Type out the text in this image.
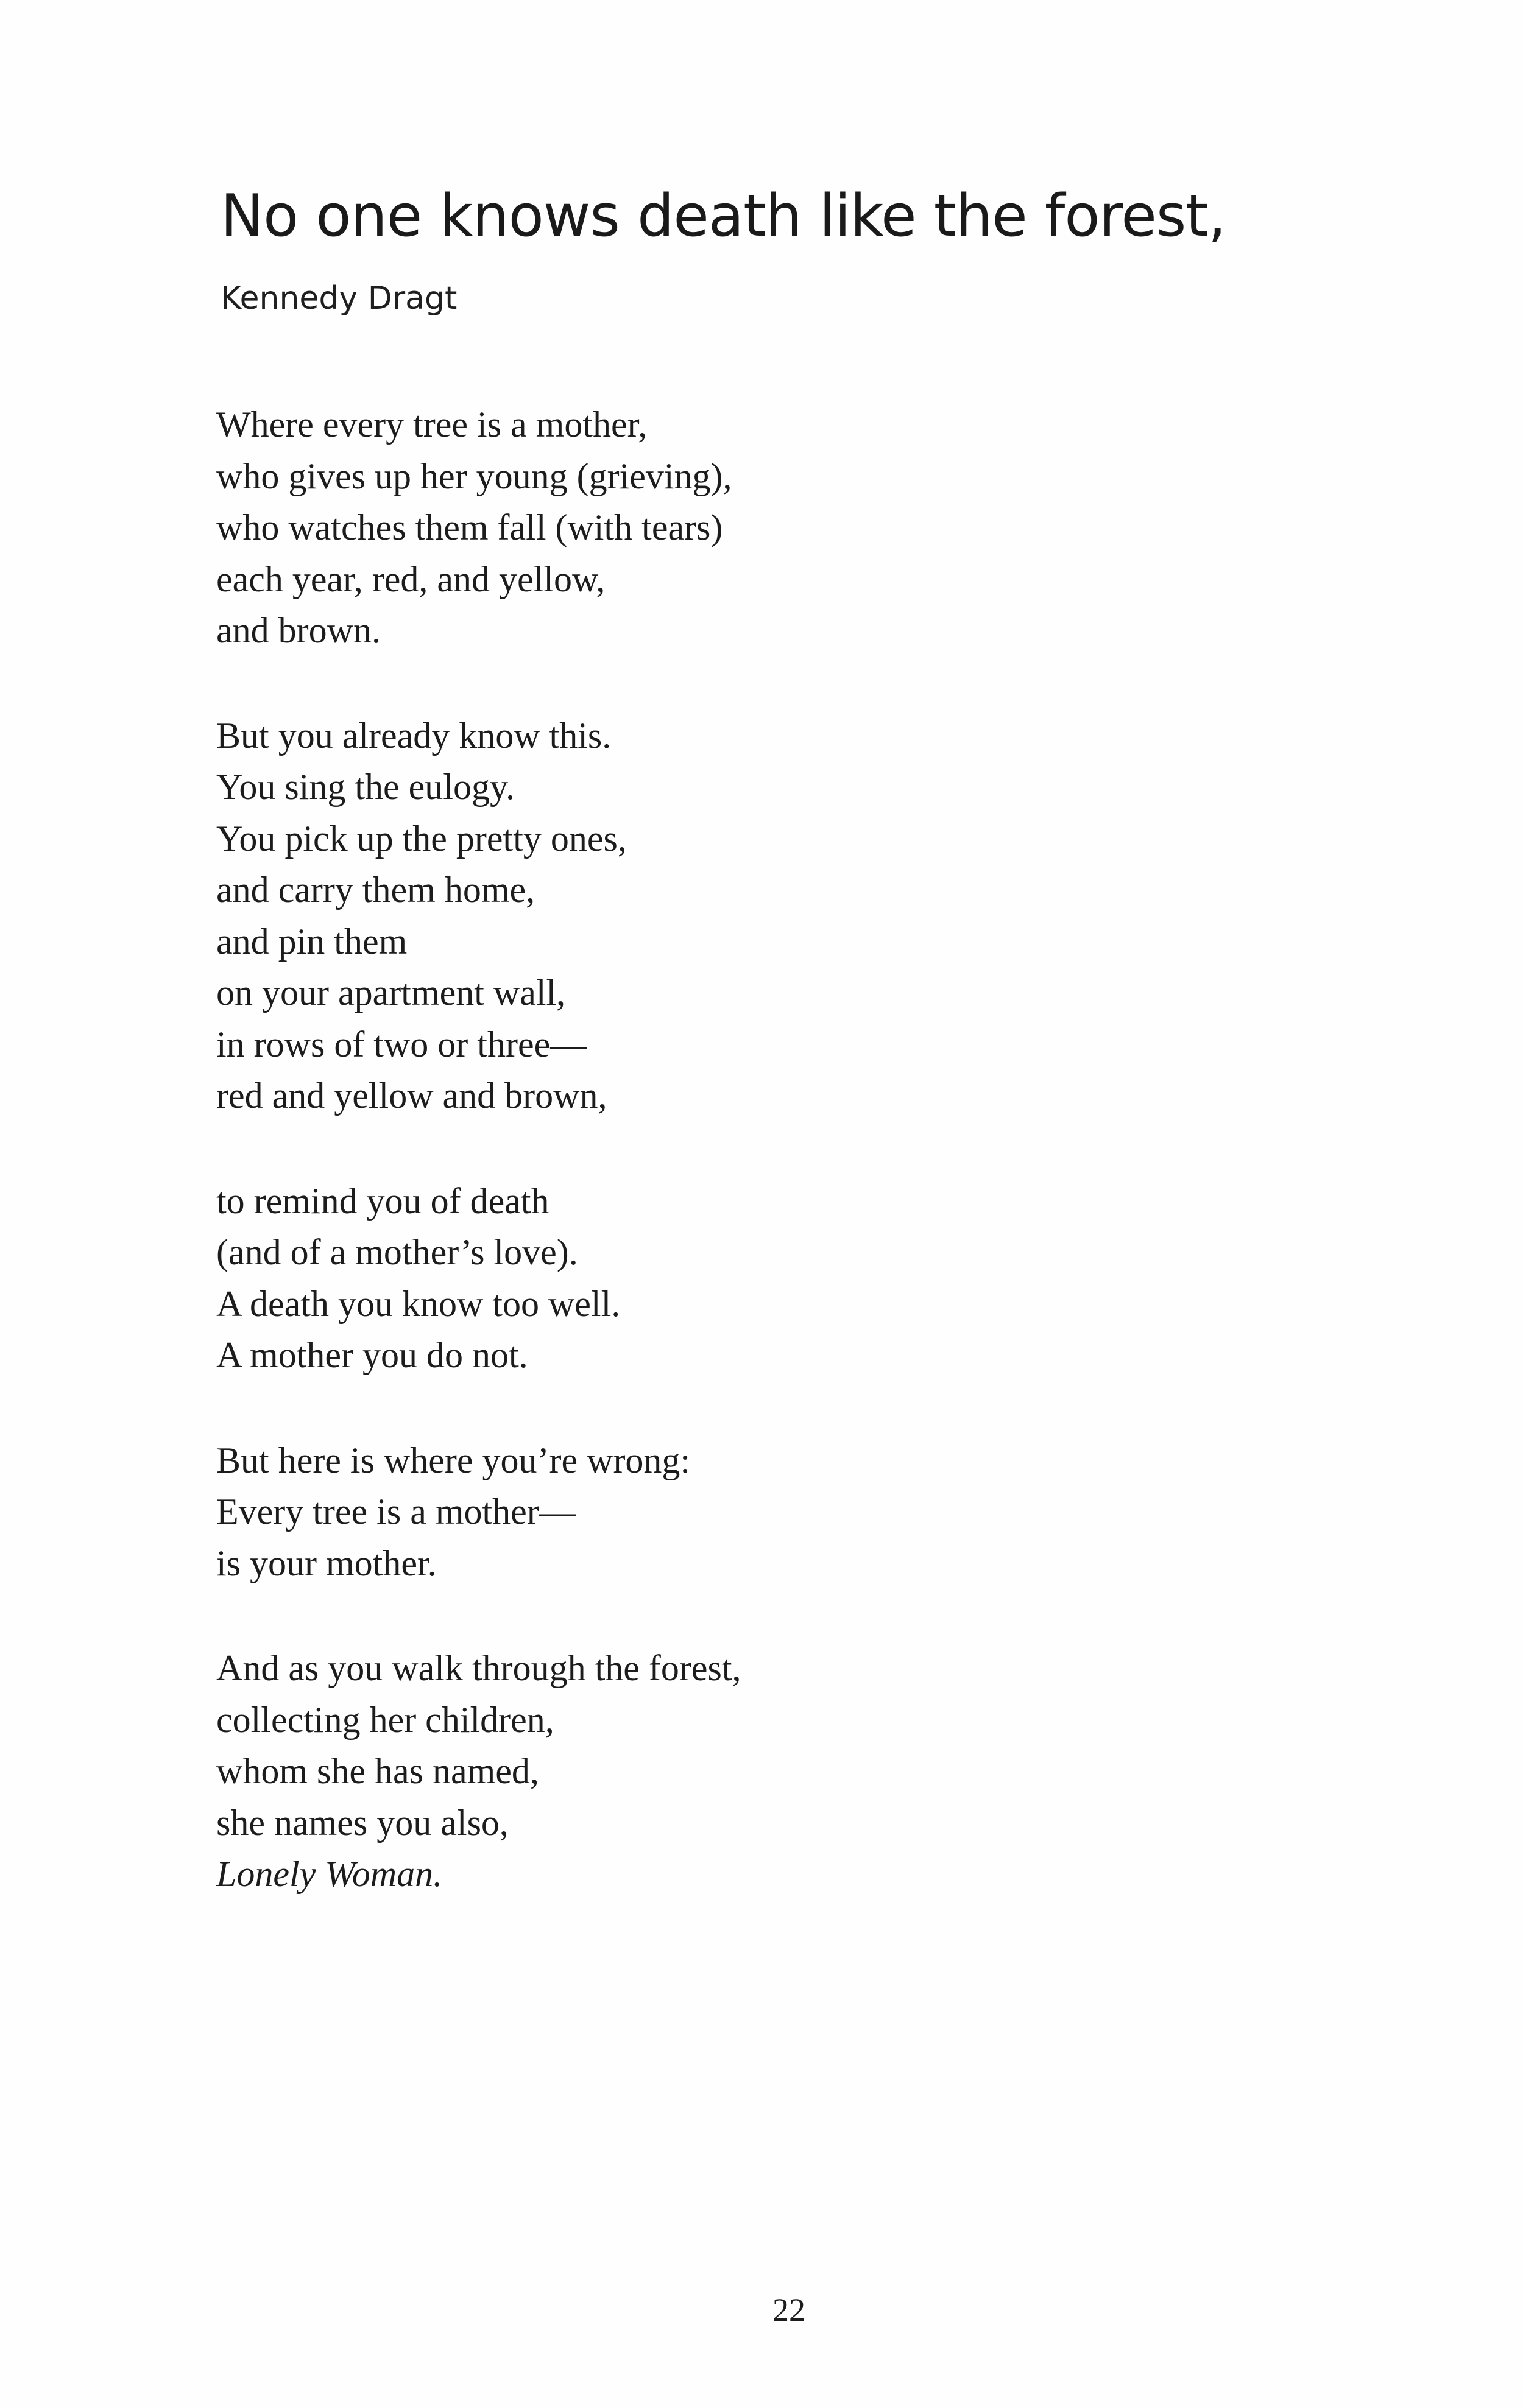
No one knows death like the forest,

Kennedy Dragt

Where every tree is a mother,
who gives up her young (grieving),
who watches them fall (with tears)
each year, red, and yellow,
and brown.
But you already know this.
You sing the eulogy.
You pick up the pretty ones,
and carry them home,
and pin them
on your apartment wall,
in rows of two or three—
red and yellow and brown,
to remind you of death
(and of a mother’s love).
A death you know too well.
A mother you do not.
But here is where you’re wrong:
Every tree is a mother—
is your mother.
And as you walk through the forest,
collecting her children,
whom she has named,
she names you also,
Lonely Woman.
22
